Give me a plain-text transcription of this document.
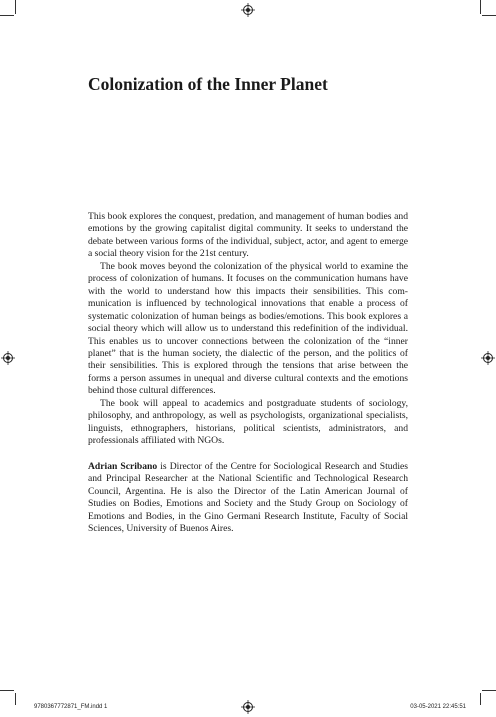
Colonization of the Inner Planet

This book explores the conquest, predation, and management of human bodies and emotions by the growing capitalist digital community. It seeks to understand the debate between various forms of the individual, subject, actor, and agent to emerge a social theory vision for the 21st century.

The book moves beyond the colonization of the physical world to examine the process of colonization of humans. It focuses on the communication humans have with the world to understand how this impacts their sensibilities. This communication is influenced by technological innovations that enable a process of systematic colonization of human beings as bodies/emotions. This book explores a social theory which will allow us to understand this redefinition of the individual. This enables us to uncover connections between the colonization of the “inner planet” that is the human society, the dialectic of the person, and the politics of their sensibilities. This is explored through the tensions that arise between the forms a person assumes in unequal and diverse cultural contexts and the emotions behind those cultural differences.

The book will appeal to academics and postgraduate students of sociology, philosophy, and anthropology, as well as psychologists, organizational specialists, linguists, ethnographers, historians, political scientists, administrators, and professionals affiliated with NGOs.

Adrian Scribano is Director of the Centre for Sociological Research and Studies and Principal Researcher at the National Scientific and Technological Research Council, Argentina. He is also the Director of the Latin American Journal of Studies on Bodies, Emotions and Society and the Study Group on Sociology of Emotions and Bodies, in the Gino Germani Research Institute, Faculty of Social Sciences, University of Buenos Aires.

9780367772871_FM.indd 1	03-05-2021 22:45:51
